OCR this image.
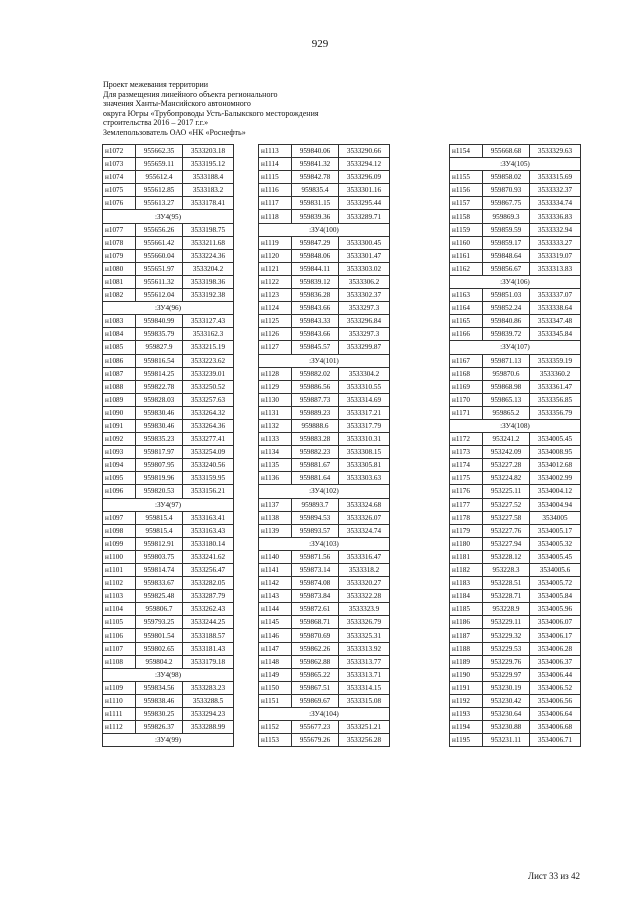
929
Проект межевания территории
Для размещения линейного объекта регионального
значения Ханты-Мансийского автономного
округа Югры «Трубопроводы Усть-Балыкского месторождения
строительства 2016 – 2017 г.г.»
Землепользователь ОАО «НК «Роснефть»
н1072	955662.35	3533203.18
н1073	955659.11	3533195.12
н1074	955612.4	3533188.4
н1075	955612.85	3533183.2
н1076	955613.27	3533178.41
:ЗУ4(95)		
н1077	955656.26	3533198.75
н1078	955661.42	3533211.68
н1079	955660.04	3533224.36
н1080	955651.97	3533204.2
н1081	955611.32	3533198.36
н1082	955612.04	3533192.38
:ЗУ4(96)		
н1083	959840.99	3533127.43
н1084	959835.79	3533162.3
н1085	959827.9	3533215.19
н1086	959816.54	3533223.62
н1087	959814.25	3533239.01
н1088	959822.78	3533250.52
н1089	959828.03	3533257.63
н1090	959830.46	3533264.32
н1091	959830.46	3533264.36
н1092	959835.23	3533277.41
н1093	959817.97	3533254.09
н1094	959807.95	3533240.56
н1095	959819.96	3533159.95
н1096	959820.53	3533156.21
:ЗУ4(97)		
н1097	959815.4	3533163.41
н1098	959815.4	3533163.43
н1099	959812.91	3533180.14
н1100	959803.75	3533241.62
н1101	959814.74	3533256.47
н1102	959833.67	3533282.05
н1103	959825.48	3533287.79
н1104	959806.7	3533262.43
н1105	959793.25	3533244.25
н1106	959801.54	3533188.57
н1107	959802.65	3533181.43
н1108	959804.2	3533179.18
:ЗУ4(98)		
н1109	959834.56	3533283.23
н1110	959838.46	3533288.5
н1111	959830.25	3533294.23
н1112	959826.37	3533288.99
:ЗУ4(99)		
н1113	959840.06	3533290.66
н1114	959841.32	3533294.12
н1115	959842.78	3533296.09
н1116	959835.4	3533301.16
н1117	959831.15	3533295.44
н1118	959839.36	3533289.71
:ЗУ4(100)		
н1119	959847.29	3533300.45
н1120	959848.06	3533301.47
н1121	959844.11	3533303.02
н1122	959839.12	3533306.2
н1123	959836.28	3533302.37
н1124	959843.66	3533297.3
н1125	959843.33	3533296.84
н1126	959843.66	3533297.3
н1127	959845.57	3533299.87
:ЗУ4(101)		
н1128	959882.02	3533304.2
н1129	959886.56	3533310.55
н1130	959887.73	3533314.69
н1131	959889.23	3533317.21
н1132	959888.6	3533317.79
н1133	959883.28	3533310.31
н1134	959882.23	3533308.15
н1135	959881.67	3533305.81
н1136	959881.64	3533303.63
:ЗУ4(102)		
н1137	959893.7	3533324.68
н1138	959894.53	3533326.07
н1139	959893.57	3533324.74
:ЗУ4(103)		
н1140	959871.56	3533316.47
н1141	959873.14	3533318.2
н1142	959874.08	3533320.27
н1143	959873.84	3533322.28
н1144	959872.61	3533323.9
н1145	959868.71	3533326.79
н1146	959870.69	3533325.31
н1147	959862.26	3533313.92
н1148	959862.88	3533313.77
н1149	959865.22	3533313.71
н1150	959867.51	3533314.15
н1151	959869.67	3533315.08
:ЗУ4(104)		
н1152	955677.23	3533251.21
н1153	955679.26	3533256.28
н1154	955668.68	3533329.63
:ЗУ4(105)		
н1155	959858.02	3533315.69
н1156	959870.93	3533332.37
н1157	959867.75	3533334.74
н1158	959869.3	3533336.83
н1159	959859.59	3533332.94
н1160	959859.17	3533333.27
н1161	959848.64	3533319.07
н1162	959856.67	3533313.83
:ЗУ4(106)		
н1163	959851.03	3533337.07
н1164	959852.24	3533338.64
н1165	959840.86	3533347.48
н1166	959839.72	3533345.84
:ЗУ4(107)		
н1167	959871.13	3533359.19
н1168	959870.6	3533360.2
н1169	959868.98	3533361.47
н1170	959865.13	3533356.85
н1171	959865.2	3533356.79
:ЗУ4(108)		
н1172	953241.2	3534005.45
н1173	953242.09	3534008.95
н1174	953227.28	3534012.68
н1175	953224.82	3534002.99
н1176	953225.11	3534004.12
н1177	953227.52	3534004.94
н1178	953227.58	3534005
н1179	953227.76	3534005.17
н1180	953227.94	3534005.32
н1181	953228.12	3534005.45
н1182	953228.3	3534005.6
н1183	953228.51	3534005.72
н1184	953228.71	3534005.84
н1185	953228.9	3534005.96
н1186	953229.11	3534006.07
н1187	953229.32	3534006.17
н1188	953229.53	3534006.28
н1189	953229.76	3534006.37
н1190	953229.97	3534006.44
н1191	953230.19	3534006.52
н1192	953230.42	3534006.56
н1193	953230.64	3534006.64
н1194	953230.88	3534006.68
н1195	953231.11	3534006.71
Лист 33 из 42
